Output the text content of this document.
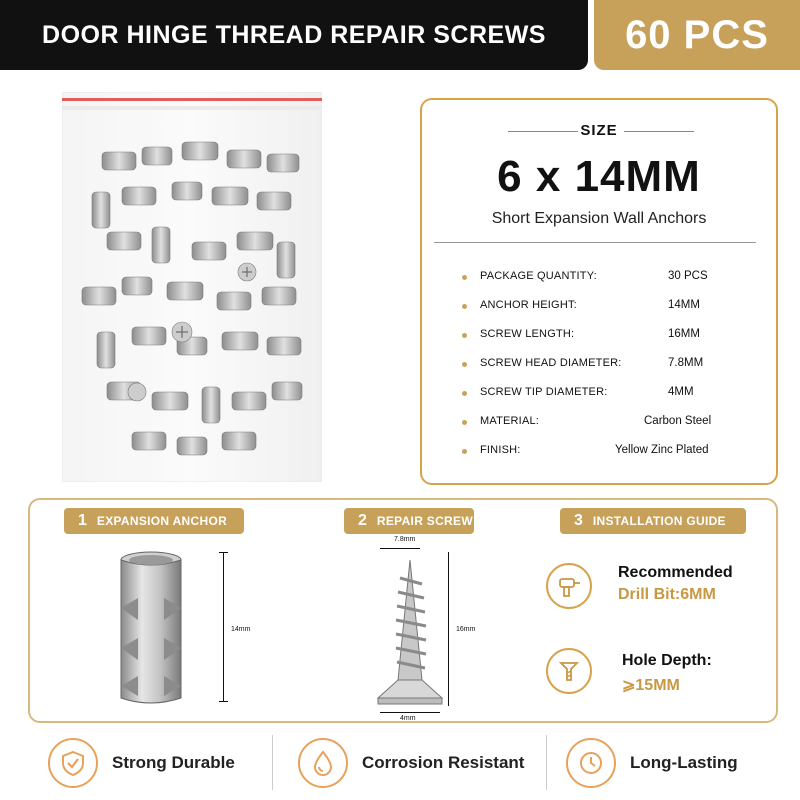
DOOR HINGE THREAD REPAIR SCREWS 60 PCS
SIZE
6 x 14MM
Short Expansion Wall Anchors
PACKAGE QUANTITY:	30 PCS
ANCHOR HEIGHT:	14MM
SCREW LENGTH:	16MM
SCREW HEAD DIAMETER:	7.8MM
SCREW TIP DIAMETER:	4MM
MATERIAL:	Carbon Steel
FINISH:	Yellow Zinc Plated
1 EXPANSION ANCHOR	2 REPAIR SCREW	3 INSTALLATION GUIDE
14mm
7.8mm
16mm
4mm
Recommended
Drill Bit:6MM
Hole Depth:
⩾15MM
Strong Durable	Corrosion Resistant	Long-Lasting
